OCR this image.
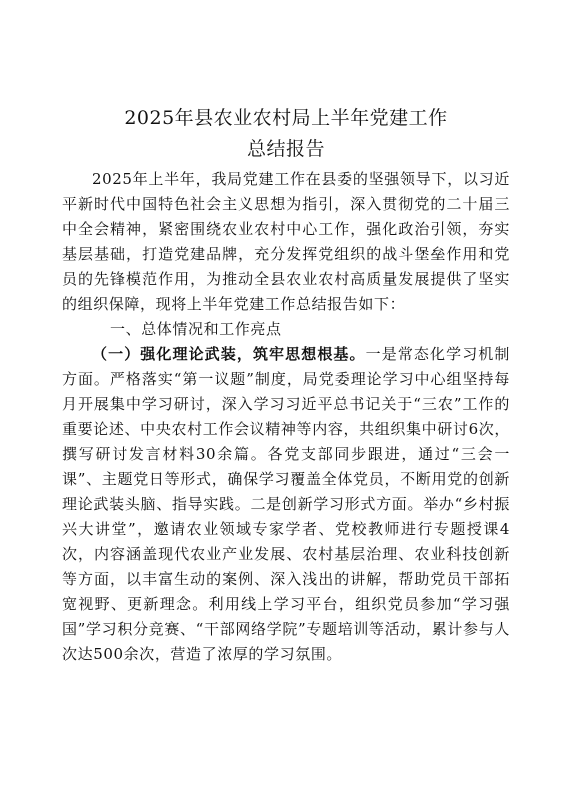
2025年县农业农村局上半年党建工作
总结报告

2025年上半年，我局党建工作在县委的坚强领导下，以习近平新时代中国特色社会主义思想为指引，深入贯彻党的二十届三中全会精神，紧密围绕农业农村中心工作，强化政治引领，夯实基层基础，打造党建品牌，充分发挥党组织的战斗堡垒作用和党员的先锋模范作用，为推动全县农业农村高质量发展提供了坚实的组织保障，现将上半年党建工作总结报告如下：

一、总体情况和工作亮点

（一）强化理论武装，筑牢思想根基。一是常态化学习机制方面。严格落实“第一议题”制度，局党委理论学习中心组坚持每月开展集中学习研讨，深入学习习近平总书记关于“三农”工作的重要论述、中央农村工作会议精神等内容，共组织集中研讨6次，撰写研讨发言材料30余篇。各党支部同步跟进，通过“三会一课”、主题党日等形式，确保学习覆盖全体党员，不断用党的创新理论武装头脑、指导实践。二是创新学习形式方面。举办“乡村振兴大讲堂”，邀请农业领域专家学者、党校教师进行专题授课4次，内容涵盖现代农业产业发展、农村基层治理、农业科技创新等方面，以丰富生动的案例、深入浅出的讲解，帮助党员干部拓宽视野、更新理念。利用线上学习平台，组织党员参加“学习强国”学习积分竞赛、“干部网络学院”专题培训等活动，累计参与人次达500余次，营造了浓厚的学习氛围。
